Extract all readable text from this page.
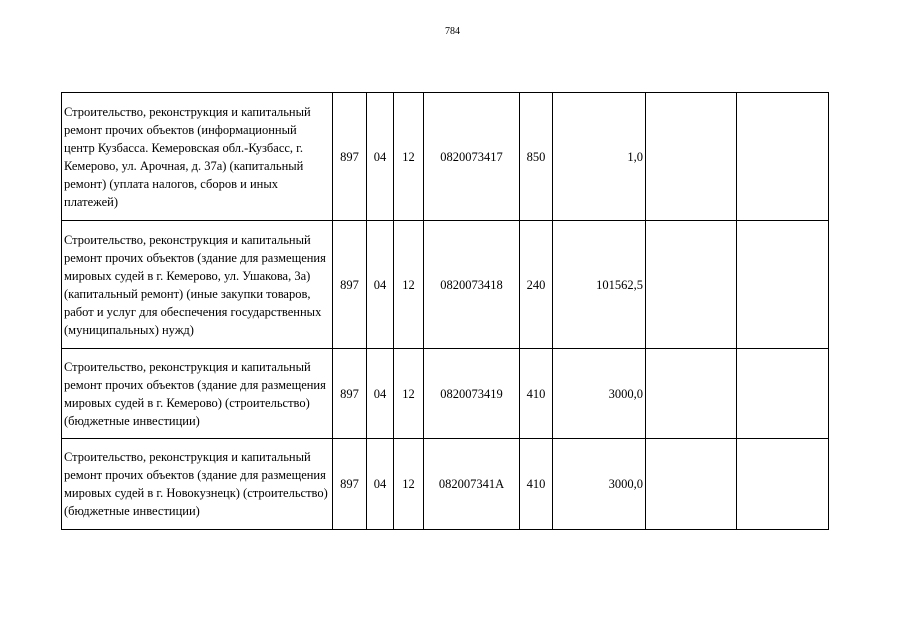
784
Строительство, реконструкция и капитальный ремонт прочих объектов (информационный центр Кузбасса. Кемеровская обл.-Кузбасс, г. Кемерово, ул. Арочная, д. 37а) (капитальный ремонт) (уплата налогов, сборов и иных платежей)	897	04	12	0820073417	850	1,0		
Строительство, реконструкция и капитальный ремонт прочих объектов (здание для размещения мировых судей в г. Кемерово, ул. Ушакова, 3а) (капитальный ремонт) (иные закупки товаров, работ и услуг для обеспечения государственных (муниципальных) нужд)	897	04	12	0820073418	240	101562,5		
Строительство, реконструкция и капитальный ремонт прочих объектов (здание для размещения мировых судей в г. Кемерово) (строительство) (бюджетные инвестиции)	897	04	12	0820073419	410	3000,0		
Строительство, реконструкция и капитальный ремонт прочих объектов (здание для размещения мировых судей в г. Новокузнецк) (строительство) (бюджетные инвестиции)	897	04	12	082007341А	410	3000,0		
